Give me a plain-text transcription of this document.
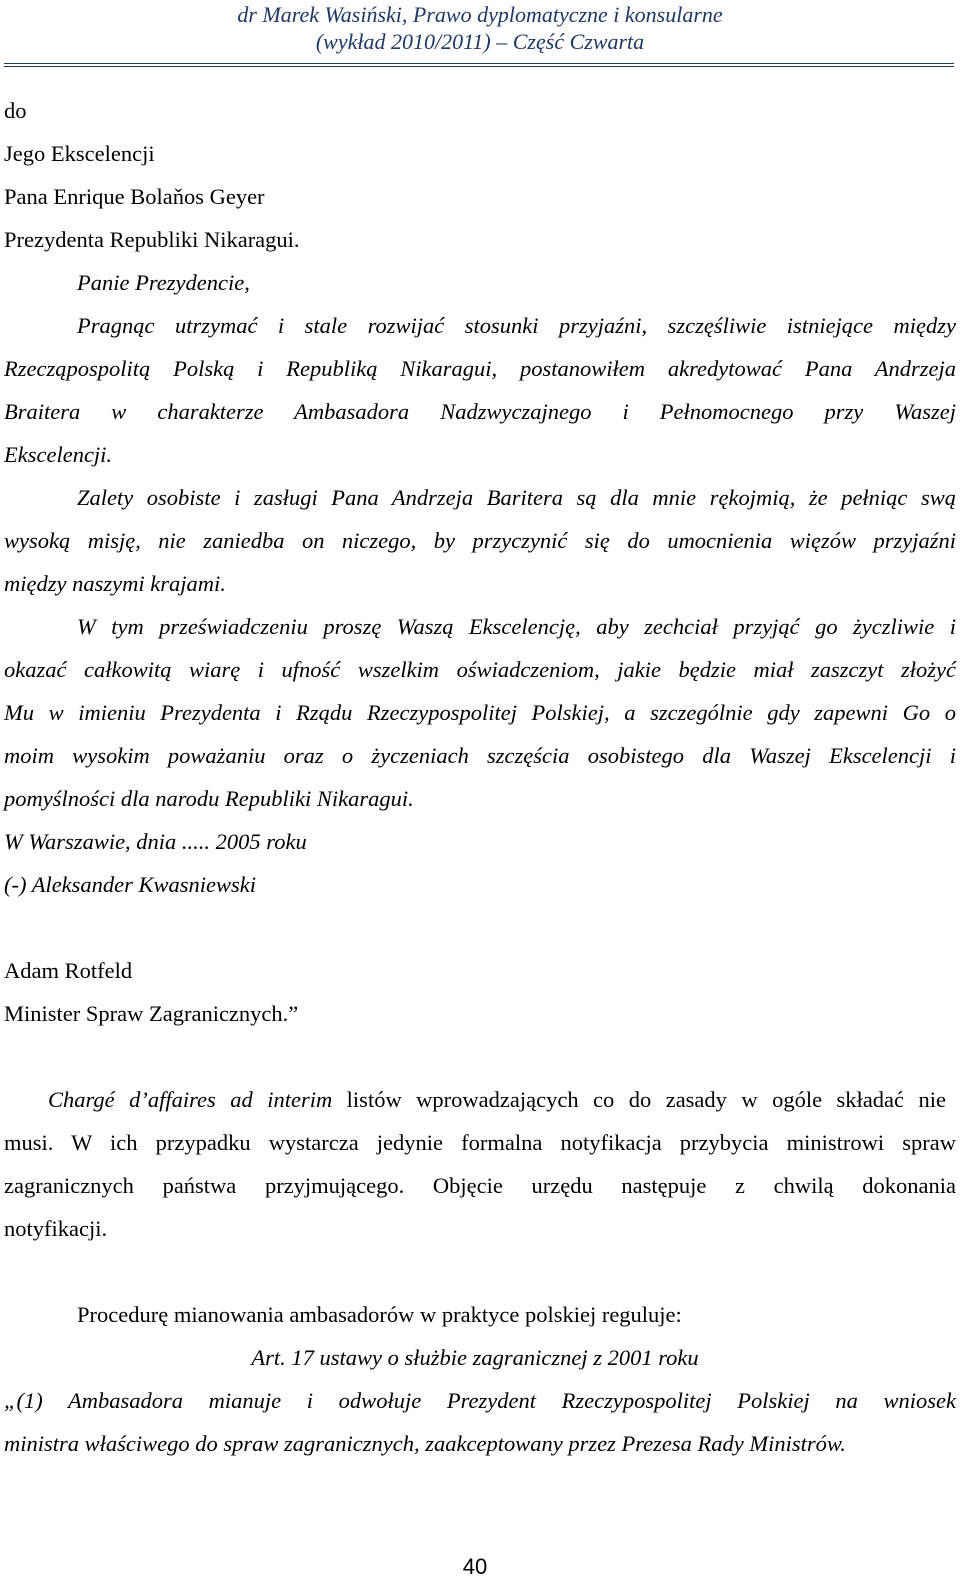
dr Marek Wasiński, Prawo dyplomatyczne i konsularne
(wykład 2010/2011) – Część Czwarta
do
Jego Ekscelencji
Pana Enrique Bolaňos Geyer
Prezydenta Republiki Nikaragui.
Panie Prezydencie,
Pragnąc utrzymać i stale rozwijać stosunki przyjaźni, szczęśliwie istniejące między
Rzecząpospolitą Polską i Republiką Nikaragui, postanowiłem akredytować Pana Andrzeja
Braitera w charakterze Ambasadora Nadzwyczajnego i Pełnomocnego przy Waszej
Ekscelencji.
Zalety osobiste i zasługi Pana Andrzeja Baritera są dla mnie rękojmią, że pełniąc swą
wysoką misję, nie zaniedba on niczego, by przyczynić się do umocnienia więzów przyjaźni
między naszymi krajami.
W tym przeświadczeniu proszę Waszą Ekscelencję, aby zechciał przyjąć go życzliwie i
okazać całkowitą wiarę i ufność wszelkim oświadczeniom, jakie będzie miał zaszczyt złożyć
Mu w imieniu Prezydenta i Rządu Rzeczypospolitej Polskiej, a szczególnie gdy zapewni Go o
moim wysokim poważaniu oraz o życzeniach szczęścia osobistego dla Waszej Ekscelencji i
pomyślności dla narodu Republiki Nikaragui.
W Warszawie, dnia ..... 2005 roku
(-) Aleksander Kwasniewski
Adam Rotfeld
Minister Spraw Zagranicznych.”
Chargé d’affaires ad interim listów wprowadzających co do zasady w ogóle składać nie
musi. W ich przypadku wystarcza jedynie formalna notyfikacja przybycia ministrowi spraw
zagranicznych państwa przyjmującego. Objęcie urzędu następuje z chwilą dokonania
notyfikacji.
Procedurę mianowania ambasadorów w praktyce polskiej reguluje:
Art. 17 ustawy o służbie zagranicznej z 2001 roku
„(1) Ambasadora mianuje i odwołuje Prezydent Rzeczypospolitej Polskiej na wniosek
ministra właściwego do spraw zagranicznych, zaakceptowany przez Prezesa Rady Ministrów.
40
